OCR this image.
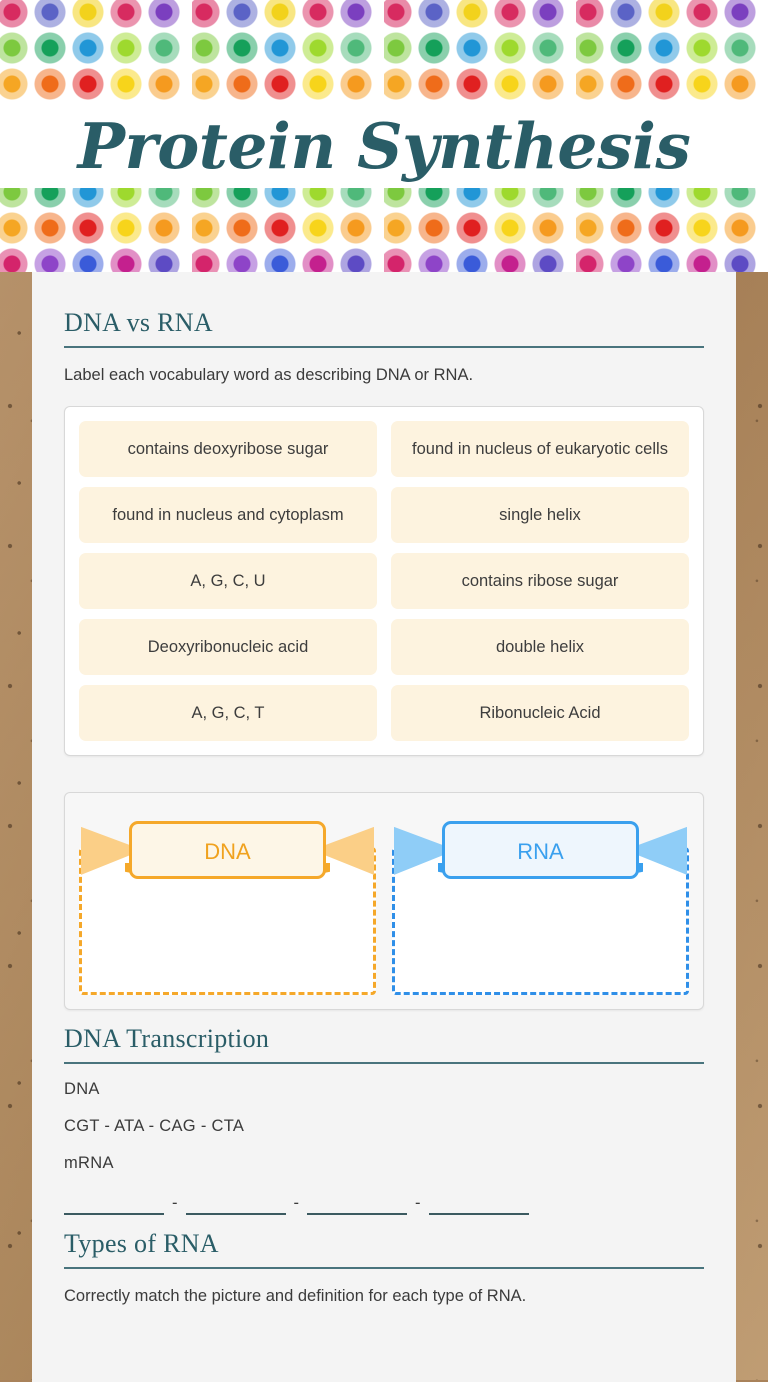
Protein Synthesis
DNA vs RNA

Label each vocabulary word as describing DNA or RNA.

contains deoxyribose sugar	found in nucleus of eukaryotic cells
found in nucleus and cytoplasm	single helix
A, G, C, U	contains ribose sugar
Deoxyribonucleic acid	double helix
A, G, C, T	Ribonucleic Acid
DNA	RNA
DNA Transcription

DNA

CGT - ATA - CAG - CTA

mRNA

-	-	-
Types of RNA

Correctly match the picture and definition for each type of RNA.
